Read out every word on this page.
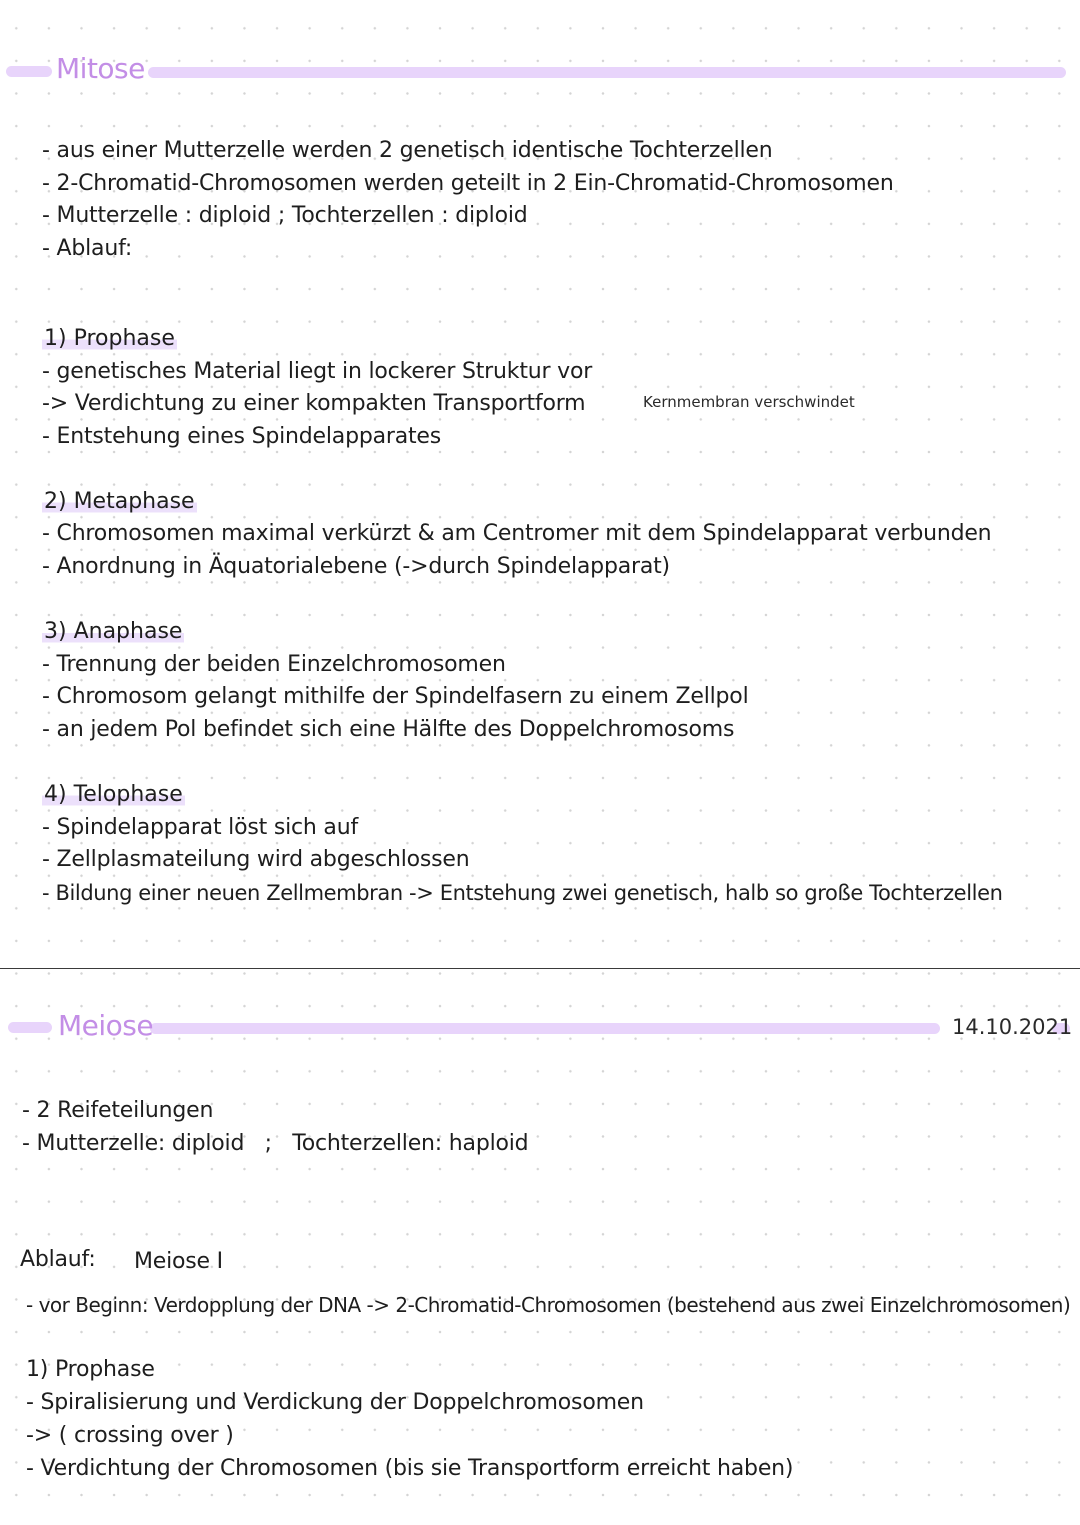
Mitose
- aus einer Mutterzelle werden 2 genetisch identische Tochterzellen
- 2-Chromatid-Chromosomen werden geteilt in 2 Ein-Chromatid-Chromosomen
- Mutterzelle : diploid ; Tochterzellen : diploid
- Ablauf:
1) Prophase
- genetisches Material liegt in lockerer Struktur vor
-> Verdichtung zu einer kompakten Transportform
- Entstehung eines Spindelapparates
Kernmembran verschwindet
2) Metaphase
- Chromosomen maximal verkürzt & am Centromer mit dem Spindelapparat verbunden
- Anordnung in Äquatorialebene (->durch Spindelapparat)
3) Anaphase
- Trennung der beiden Einzelchromosomen
- Chromosom gelangt mithilfe der Spindelfasern zu einem Zellpol
- an jedem Pol befindet sich eine Hälfte des Doppelchromosoms
4) Telophase
- Spindelapparat löst sich auf
- Zellplasmateilung wird abgeschlossen
- Bildung einer neuen Zellmembran -> Entstehung zwei genetisch, halb so große Tochterzellen
Meiose	14.10.2021
- 2 Reifeteilungen
- Mutterzelle: diploid   ;   Tochterzellen: haploid
Ablauf: Meiose I
- vor Beginn: Verdopplung der DNA -> 2-Chromatid-Chromosomen (bestehend aus zwei Einzelchromosomen)
1) Prophase
- Spiralisierung und Verdickung der Doppelchromosomen
-> ( crossing over )
- Verdichtung der Chromosomen (bis sie Transportform erreicht haben)
